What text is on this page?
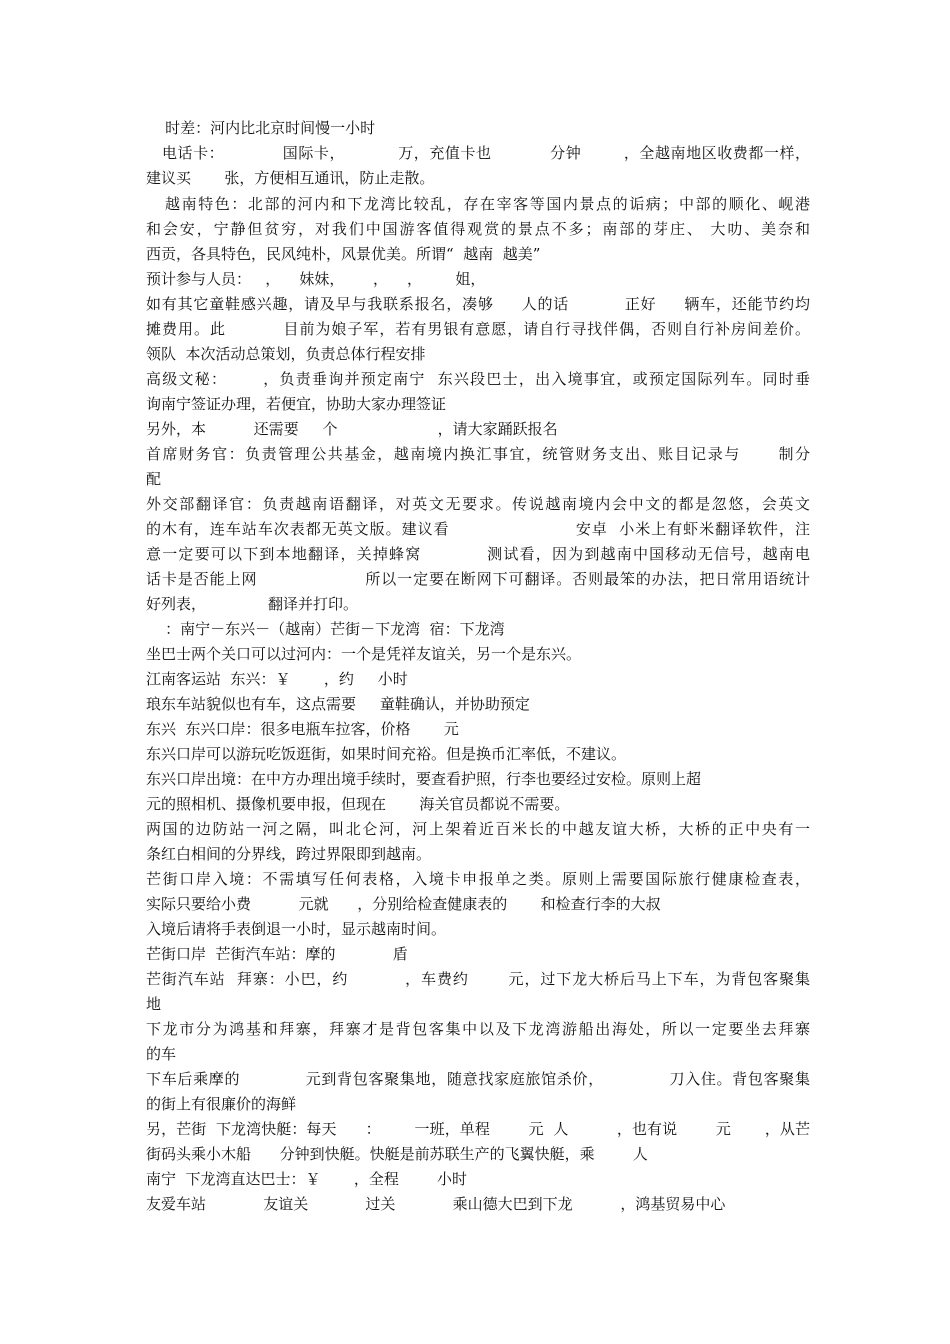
时差：河内比北京时间慢一小时
电话卡：           国际卡，          万，充值卡也           分钟        ，全越南地区收费都一样，
建议买       张，方便相互通讯，防止走散。
越南特色：北部的河内和下龙湾比较乱，存在宰客等国内景点的诟病；中部的顺化、岘港
和会安，宁静但贫穷，对我们中国游客值得观赏的景点不多；南部的芽庄、 大叻、美奈和
西贡，各具特色，民风纯朴，风景优美。所谓“  越南  越美”
预计参与人员：   ，    妹妹，      ，    ，       姐，
如有其它童鞋感兴趣，请及早与我联系报名，凑够     人的话          正好     辆车，还能节约均
摊费用。此          目前为娘子军，若有男银有意愿，请自行寻找伴偶，否则自行补房间差价。
领队  本次活动总策划，负责总体行程安排
高级文秘：      ，负责垂询并预定南宁  东兴段巴士，出入境事宜，或预定国际列车。同时垂
询南宁签证办理，若便宜，协助大家办理签证
另外，本          还需要     个                     ，请大家踊跃报名
首席财务官：负责管理公共基金，越南境内换汇事宜，统管财务支出、账目记录与      制分
配
外交部翻译官：负责越南语翻译，对英文无要求。传说越南境内会中文的都是忽悠，会英文
的木有，连车站车次表都无英文版。建议看                      安卓  小米上有虾米翻译软件，注
意一定要可以下到本地翻译，关掉蜂窝           测试看，因为到越南中国移动无信号，越南电
话卡是否能上网                   所以一定要在断网下可翻译。否则最笨的办法，把日常用语统计
好列表，             翻译并打印。
：南宁－东兴－（越南）芒街－下龙湾  宿：下龙湾
坐巴士两个关口可以过河内：一个是凭祥友谊关，另一个是东兴。
江南客运站  东兴：￥       ，约     小时
琅东车站貌似也有车，这点需要     童鞋确认，并协助预定
东兴  东兴口岸：很多电瓶车拉客，价格       元
东兴口岸可以游玩吃饭逛街，如果时间充裕。但是换币汇率低，不建议。
东兴口岸出境：在中方办理出境手续时，要查看护照，行李也要经过安检。原则上超
元的照相机、摄像机要申报，但现在       海关官员都说不需要。
两国的边防站一河之隔，叫北仑河，河上架着近百米长的中越友谊大桥，大桥的正中央有一
条红白相间的分界线，跨过界限即到越南。
芒街口岸入境：不需填写任何表格，入境卡申报单之类。原则上需要国际旅行健康检查表，
实际只要给小费          元就      ，分别给检查健康表的       和检查行李的大叔
入境后请将手表倒退一小时，显示越南时间。
芒街口岸  芒街汽车站：摩的            盾
芒街汽车站  拜寨：小巴，约          ，车费约       元，过下龙大桥后马上下车，为背包客聚集
地
下龙市分为鸿基和拜寨，拜寨才是背包客集中以及下龙湾游船出海处，所以一定要坐去拜寨
的车
下车后乘摩的            元到背包客聚集地，随意找家庭旅馆杀价，            刀入住。背包客聚集
的街上有很廉价的海鲜
另，芒街  下龙湾快艇：每天      ：       一班，单程        元  人          ，也有说        元       ，从芒
街码头乘小木船      分钟到快艇。快艇是前苏联生产的飞翼快艇，乘        人
南宁  下龙湾直达巴士：￥       ，全程        小时
友爱车站            友谊关            过关            乘山德大巴到下龙          ，鸿基贸易中心
